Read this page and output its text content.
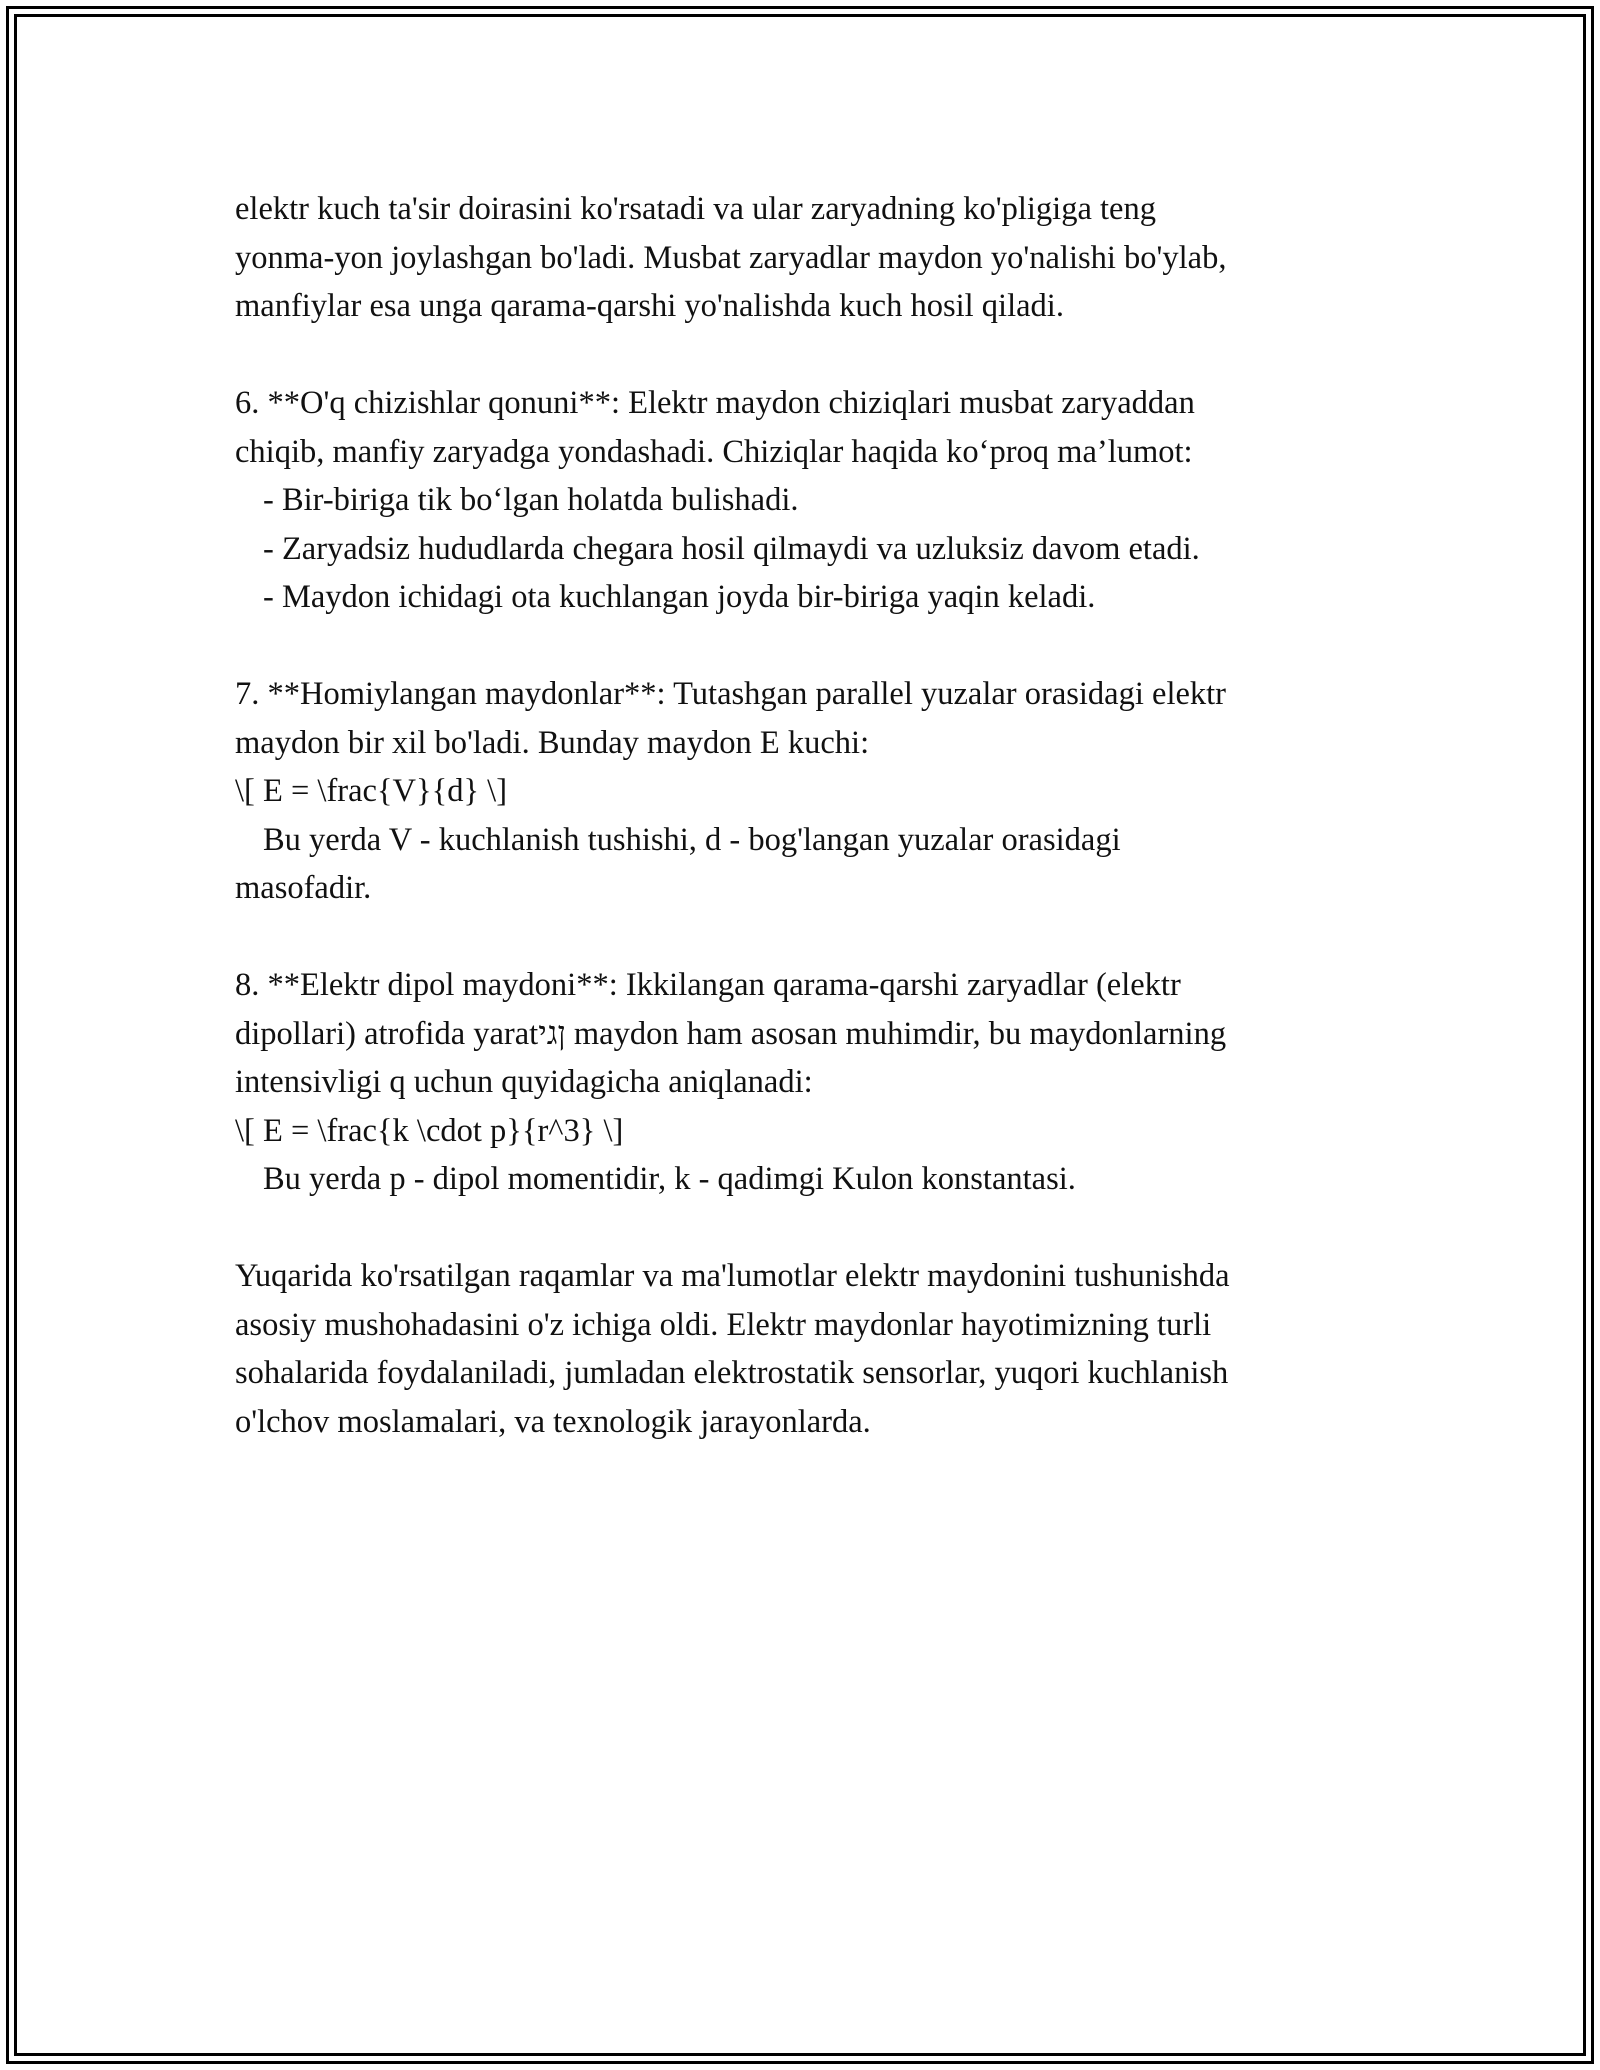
elektr kuch ta'sir doirasini ko'rsatadi va ular zaryadning ko'pligiga teng
yonma-yon joylashgan bo'ladi. Musbat zaryadlar maydon yo'nalishi bo'ylab,
manfiylar esa unga qarama-qarshi yo'nalishda kuch hosil qiladi.
6. **O'q chizishlar qonuni**: Elektr maydon chiziqlari musbat zaryaddan
chiqib, manfiy zaryadga yondashadi. Chiziqlar haqida ko‘proq ma’lumot:
- Bir-biriga tik bo‘lgan holatda bulishadi.
- Zaryadsiz hududlarda chegara hosil qilmaydi va uzluksiz davom etadi.
- Maydon ichidagi ota kuchlangan joyda bir-biriga yaqin keladi.
7. **Homiylangan maydonlar**: Tutashgan parallel yuzalar orasidagi elektr
maydon bir xil bo'ladi. Bunday maydon E kuchi:
\[ E = \frac{V}{d} \]
Bu yerda V - kuchlanish tushishi, d - bog'langan yuzalar orasidagi
masofadir.
8. **Elektr dipol maydoni**: Ikkilangan qarama-qarshi zaryadlar (elektr
dipollari) atrofida yaratןגי maydon ham asosan muhimdir, bu maydonlarning
intensivligi q uchun quyidagicha aniqlanadi:
\[ E = \frac{k \cdot p}{r^3} \]
Bu yerda p - dipol momentidir, k - qadimgi Kulon konstantasi.
Yuqarida ko'rsatilgan raqamlar va ma'lumotlar elektr maydonini tushunishda
asosiy mushohadasini o'z ichiga oldi. Elektr maydonlar hayotimizning turli
sohalarida foydalaniladi, jumladan elektrostatik sensorlar, yuqori kuchlanish
o'lchov moslamalari, va texnologik jarayonlarda.
